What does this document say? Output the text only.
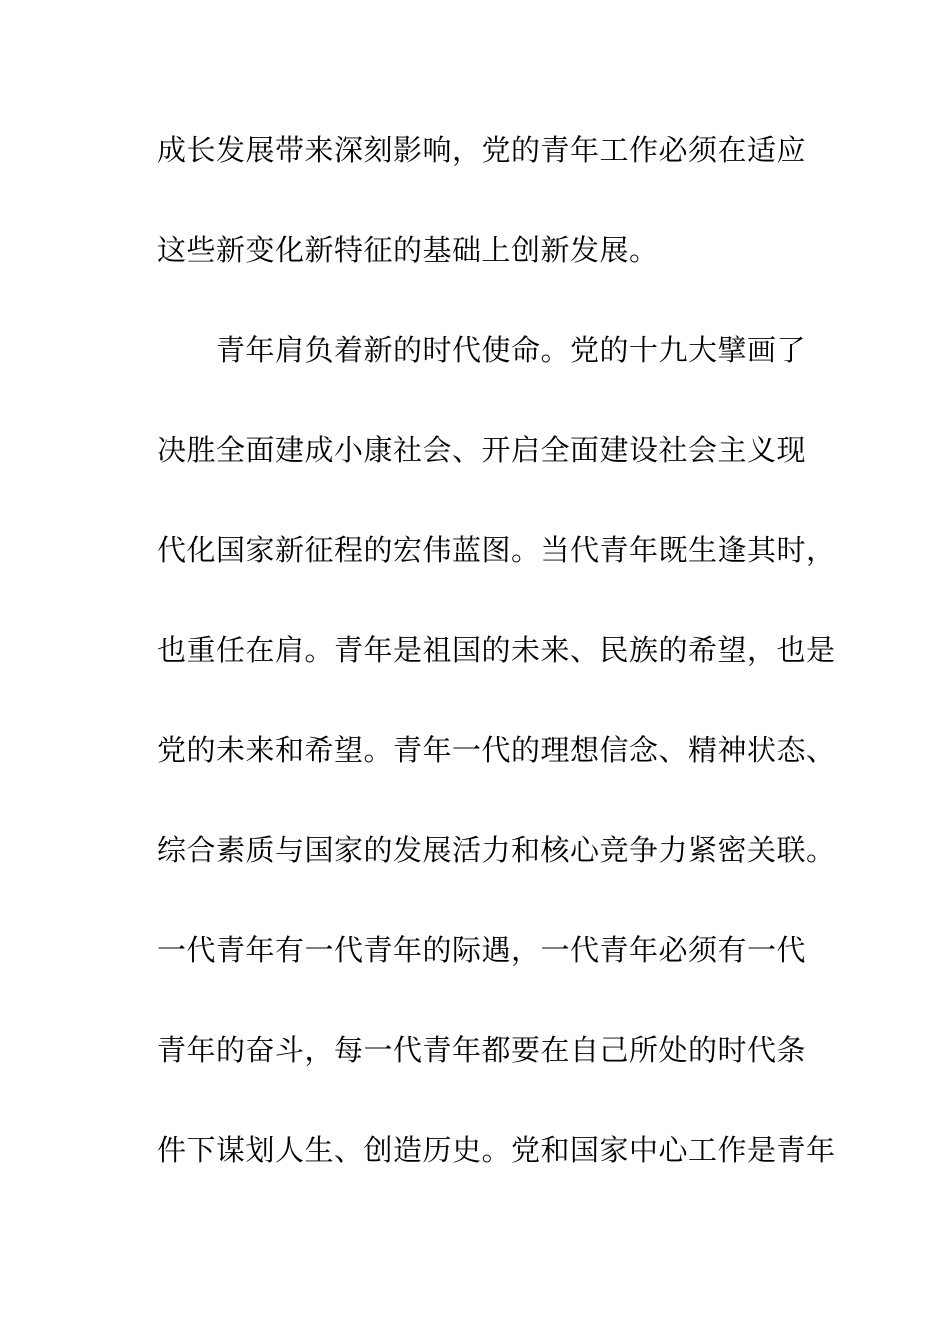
成长发展带来深刻影响，党的青年工作必须在适应
这些新变化新特征的基础上创新发展。
　　青年肩负着新的时代使命。党的十九大擘画了
决胜全面建成小康社会、开启全面建设社会主义现
代化国家新征程的宏伟蓝图。当代青年既生逢其时，
也重任在肩。青年是祖国的未来、民族的希望，也是
党的未来和希望。青年一代的理想信念、精神状态、
综合素质与国家的发展活力和核心竞争力紧密关联。
一代青年有一代青年的际遇，一代青年必须有一代
青年的奋斗，每一代青年都要在自己所处的时代条
件下谋划人生、创造历史。党和国家中心工作是青年
